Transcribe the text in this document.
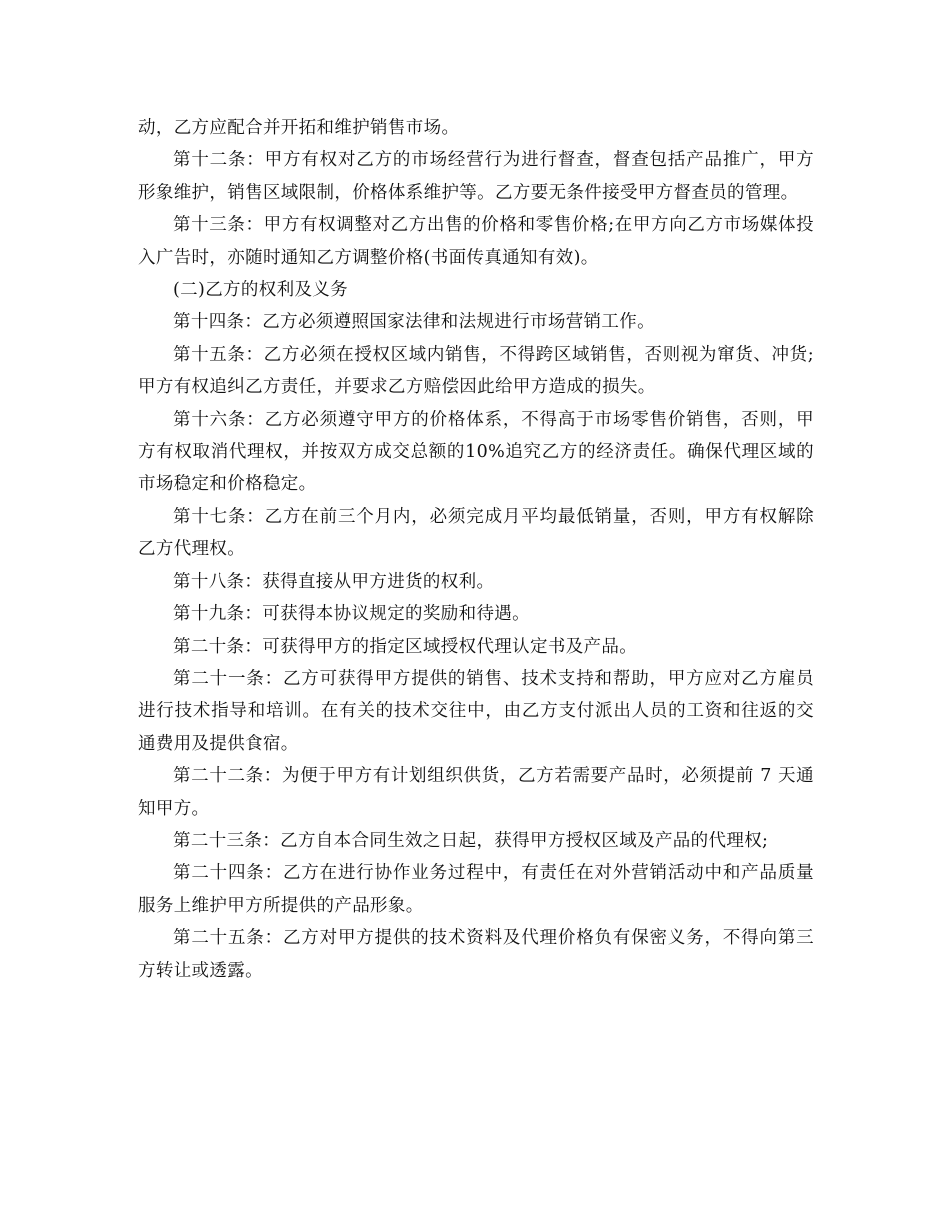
动，乙方应配合并开拓和维护销售市场。

第十二条：甲方有权对乙方的市场经营行为进行督查，督查包括产品推广，甲方形象维护，销售区域限制，价格体系维护等。乙方要无条件接受甲方督查员的管理。

第十三条：甲方有权调整对乙方出售的价格和零售价格;在甲方向乙方市场媒体投入广告时，亦随时通知乙方调整价格(书面传真通知有效)。

(二)乙方的权利及义务

第十四条：乙方必须遵照国家法律和法规进行市场营销工作。

第十五条：乙方必须在授权区域内销售，不得跨区域销售，否则视为窜货、冲货;甲方有权追纠乙方责任，并要求乙方赔偿因此给甲方造成的损失。

第十六条：乙方必须遵守甲方的价格体系，不得高于市场零售价销售，否则，甲方有权取消代理权，并按双方成交总额的10%追究乙方的经济责任。确保代理区域的市场稳定和价格稳定。

第十七条：乙方在前三个月内，必须完成月平均最低销量，否则，甲方有权解除乙方代理权。

第十八条：获得直接从甲方进货的权利。

第十九条：可获得本协议规定的奖励和待遇。

第二十条：可获得甲方的指定区域授权代理认定书及产品。

第二十一条：乙方可获得甲方提供的销售、技术支持和帮助，甲方应对乙方雇员进行技术指导和培训。在有关的技术交往中，由乙方支付派出人员的工资和往返的交通费用及提供食宿。

第二十二条：为便于甲方有计划组织供货，乙方若需要产品时，必须提前 7 天通知甲方。

第二十三条：乙方自本合同生效之日起，获得甲方授权区域及产品的代理权;

第二十四条：乙方在进行协作业务过程中，有责任在对外营销活动中和产品质量服务上维护甲方所提供的产品形象。

第二十五条：乙方对甲方提供的技术资料及代理价格负有保密义务，不得向第三方转让或透露。
